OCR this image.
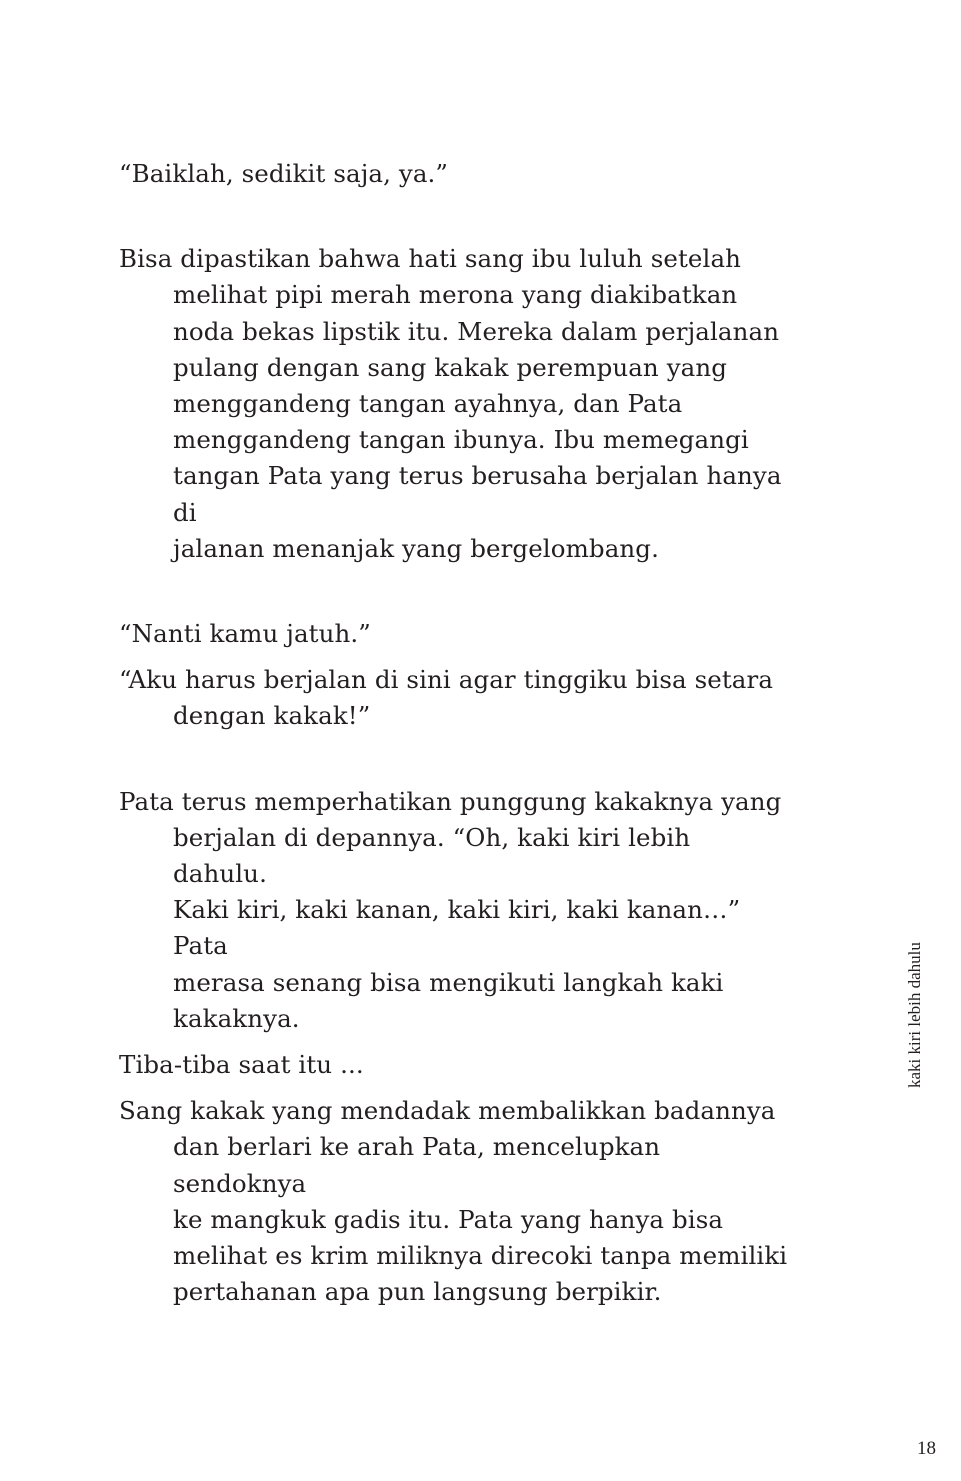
“Baiklah, sedikit saja, ya.”

Bisa dipastikan bahwa hati sang ibu luluh setelah
melihat pipi merah merona yang diakibatkan
noda bekas lipstik itu. Mereka dalam perjalanan
pulang dengan sang kakak perempuan yang
menggandeng tangan ayahnya, dan Pata
menggandeng tangan ibunya. Ibu memegangi
tangan Pata yang terus berusaha berjalan hanya di
jalanan menanjak yang bergelombang.

“Nanti kamu jatuh.”

“Aku harus berjalan di sini agar tinggiku bisa setara
dengan kakak!”

Pata terus memperhatikan punggung kakaknya yang
berjalan di depannya. “Oh, kaki kiri lebih dahulu.
Kaki kiri, kaki kanan, kaki kiri, kaki kanan…” Pata
merasa senang bisa mengikuti langkah kaki
kakaknya.

Tiba-tiba saat itu ...

Sang kakak yang mendadak membalikkan badannya
dan berlari ke arah Pata, mencelupkan sendoknya
ke mangkuk gadis itu. Pata yang hanya bisa
melihat es krim miliknya direcoki tanpa memiliki
pertahanan apa pun langsung berpikir.

kaki kiri lebih dahulu
18
